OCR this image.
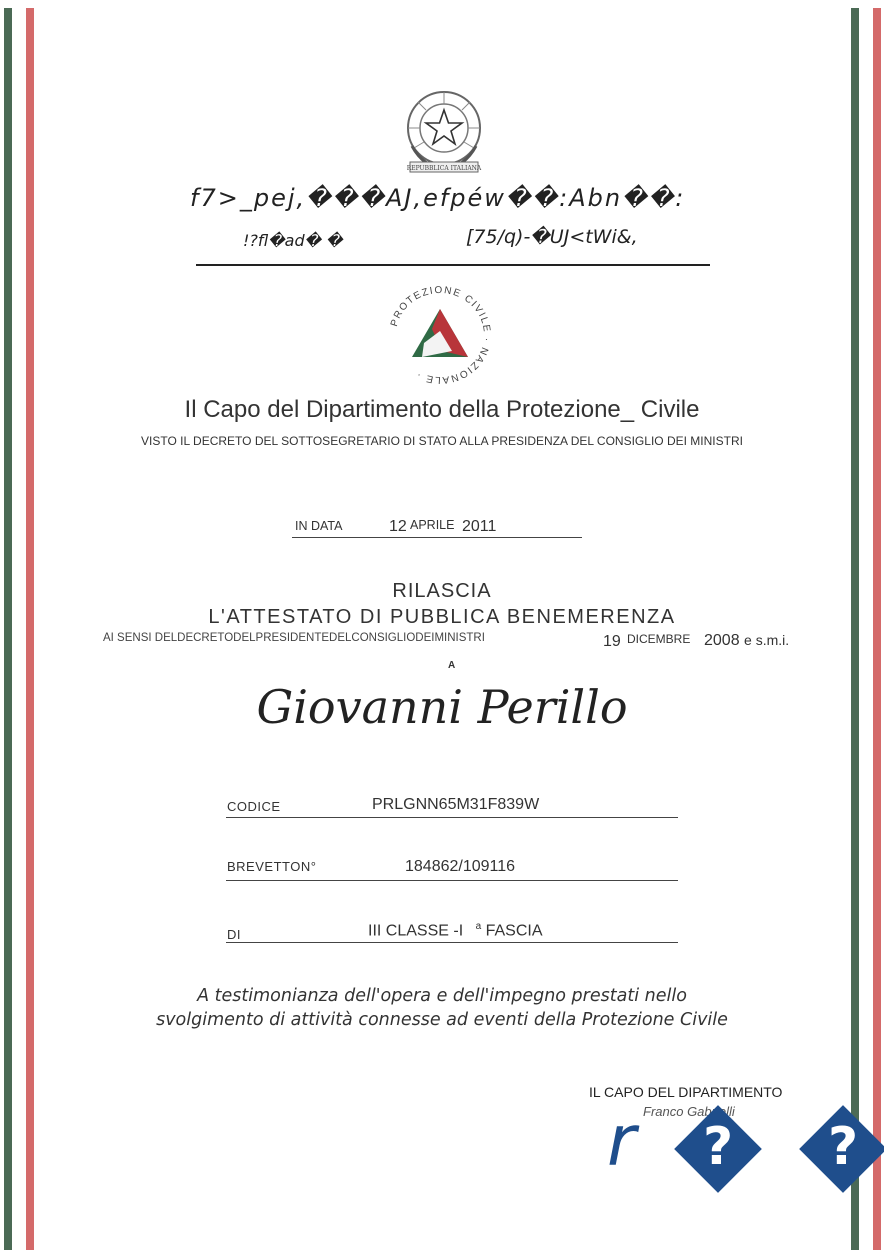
REPUBBLICA ITALIANA
f7>_pej,���AJ,efpéw��:Abn��:
!?fl�ad� �	[75/q)-�UJ<tWi&,
PROTEZIONE CIVILE · NAZIONALE ·
Il Capo del Dipartimento della Protezione_ Civile
VISTO IL DECRETO DEL SOTTOSEGRETARIO DI STATO ALLA PRESIDENZA DEL CONSIGLIO DEI MINISTRI
IN DATA	12 APRILE 2011
RILASCIA
L'ATTESTATO DI PUBBLICA BENEMERENZA
AI SENSI DELDECRETODELPRESIDENTEDELCONSIGLIODEIMINISTRI	19 DICEMBRE 2008 e s.m.i.
A
Giovanni Perillo
CODICE	PRLGNN65M31F839W
BREVETTON°	184862/109116
DI	III CLASSE -I $^a$ FASCIA
A testimonianza dell'opera e dell'impegno prestati nello
svolgimento di attività connesse ad eventi della Protezione Civile
IL CAPO DEL DIPARTIMENTO
Franco Gabrielli
r ? ?
